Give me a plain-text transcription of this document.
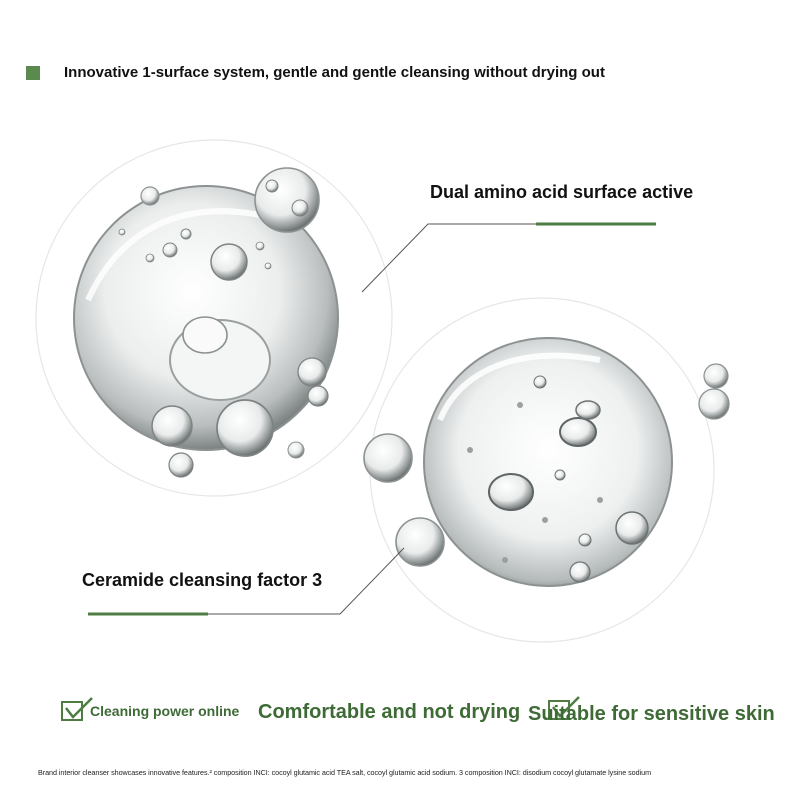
Innovative 1-surface system, gentle and gentle cleansing without drying out
Dual amino acid surface active
Ceramide cleansing factor 3
Cleaning power online Comfortable and not drying Suitable for sensitive skin
Brand interior cleanser showcases innovative features.² composition INCI: cocoyl glutamic acid TEA salt, cocoyl glutamic acid sodium. 3 composition INCI: disodium cocoyl glutamate lysine sodium
